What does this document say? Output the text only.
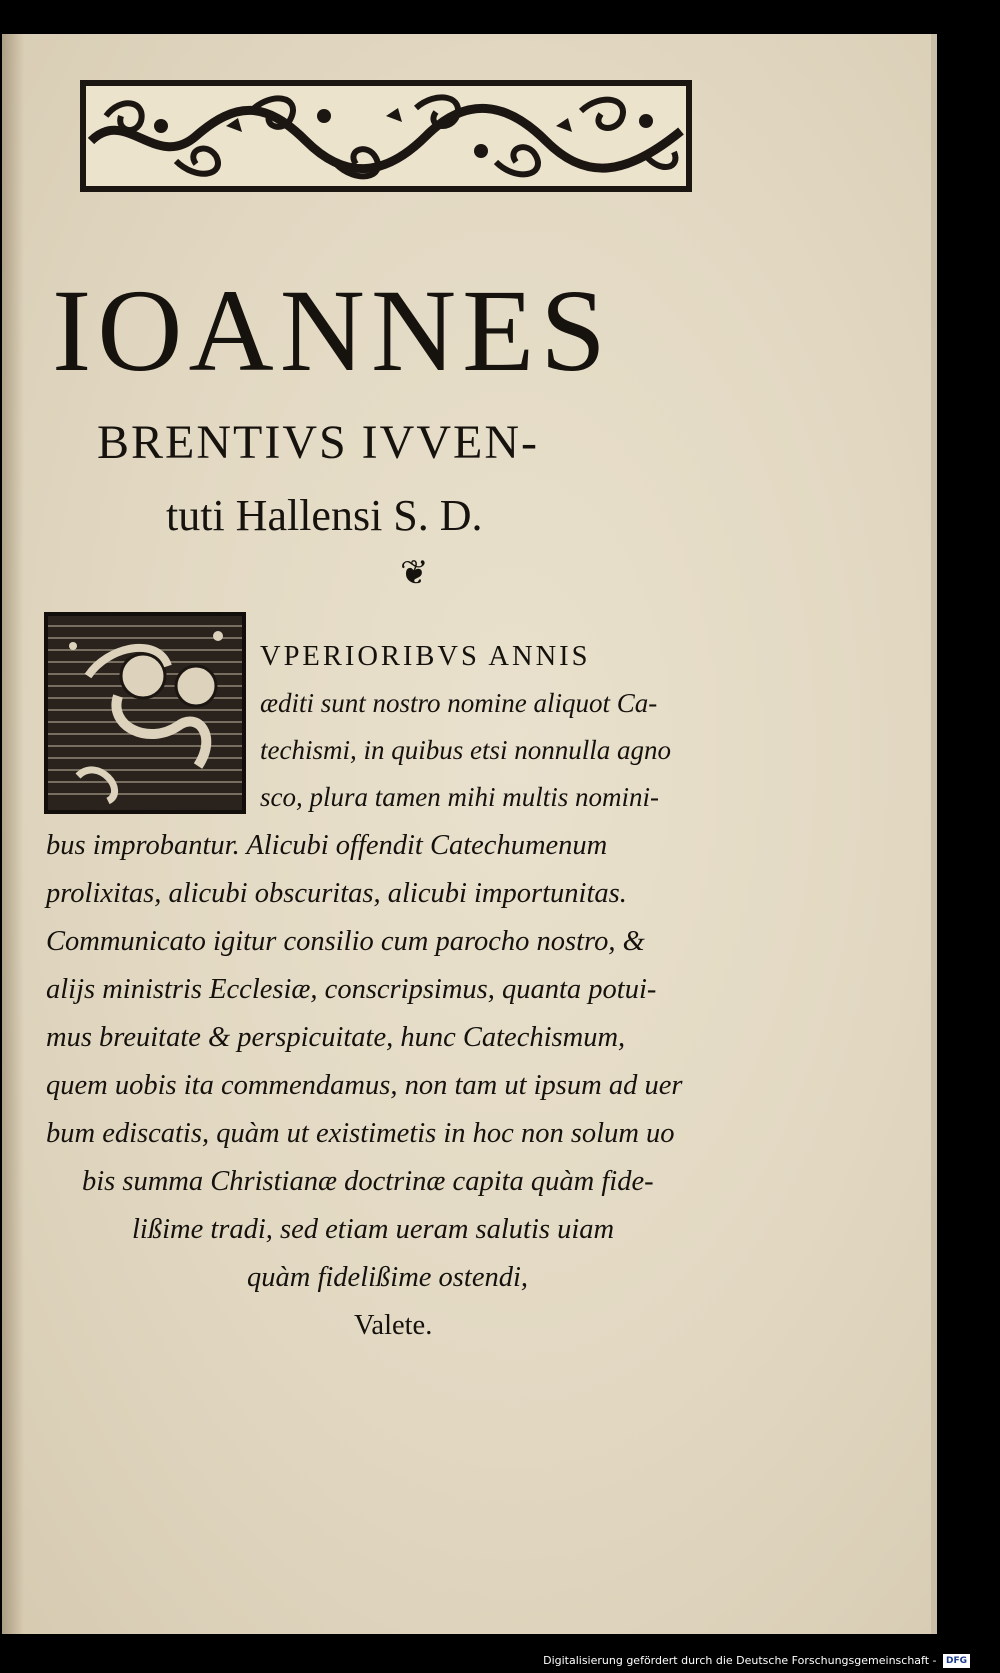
IOANNES
BRENTIVS IVVEN-
tuti Hallensi S. D.
❦
VPERIORIBVS ANNIS
æditi sunt nostro nomine aliquot Ca-
techismi, in quibus etsi nonnulla agno
sco, plura tamen mihi multis nomini-
bus improbantur. Alicubi offendit Catechumenum
prolixitas, alicubi obscuritas, alicubi importunitas.
Communicato igitur consilio cum parocho nostro, &
alijs ministris Ecclesiæ, conscripsimus, quanta potui-
mus breuitate & perspicuitate, hunc Catechismum,
quem uobis ita commendamus, non tam ut ipsum ad uer
bum ediscatis, quàm ut existimetis in hoc non solum uo
bis summa Christianæ doctrinæ capita quàm fide-
lißime tradi, sed etiam ueram salutis uiam
quàm fidelißime ostendi,
Valete.
Digitalisierung gefördert durch die Deutsche Forschungsgemeinschaft - DFG
